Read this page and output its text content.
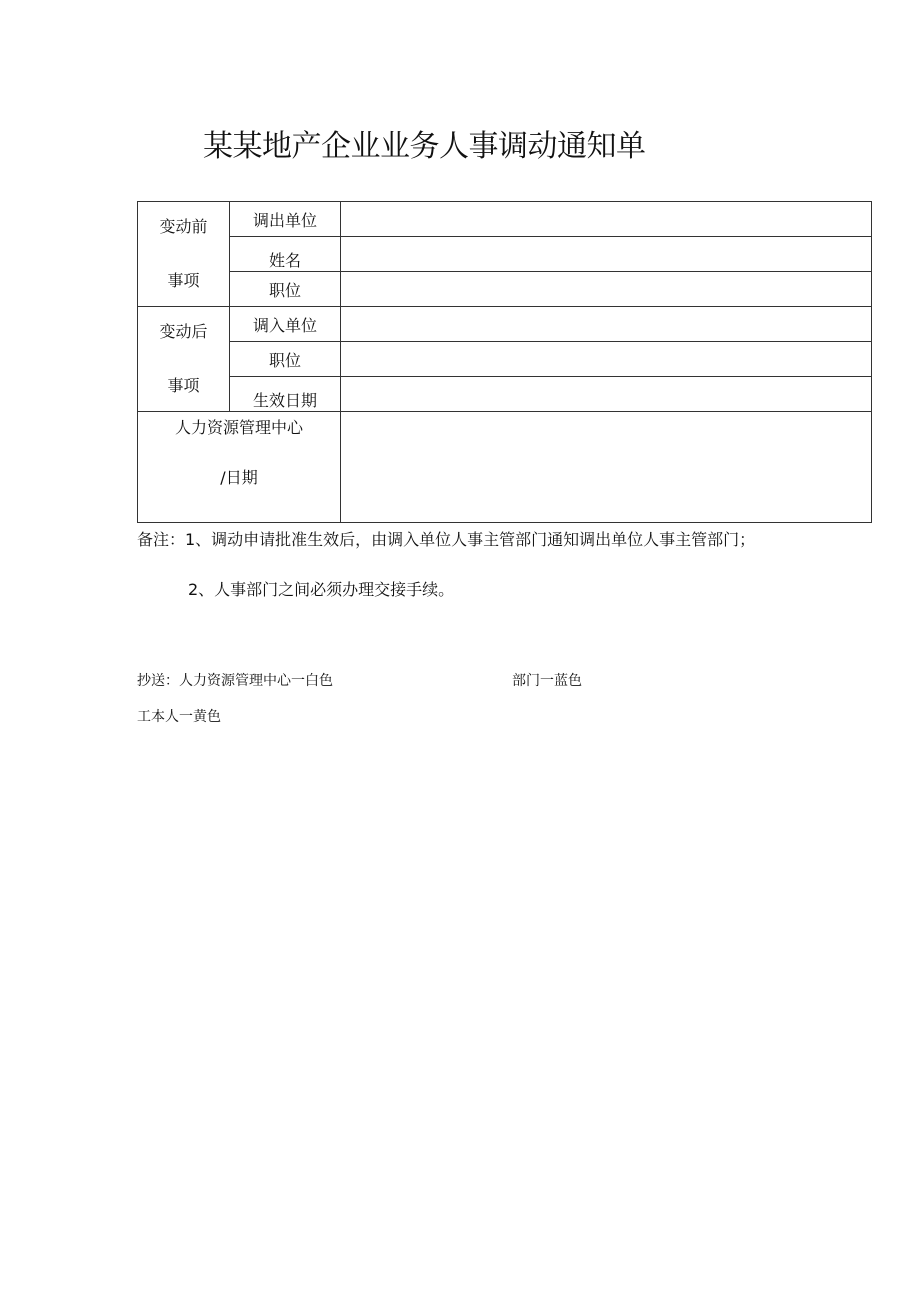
某某地产企业业务人事调动通知单
变动前
事项	调出单位	
	姓名	
	职位	

变动后
事项	调入单位	
	职位	
	生效日期	

人力资源管理中心
/日期		

备注：1、调动申请批准生效后，由调入单位人事主管部门通知调出单位人事主管部门；
2、人事部门之间必须办理交接手续。
抄送：人力资源管理中心一白色	部门一蓝色
工本人一黄色
